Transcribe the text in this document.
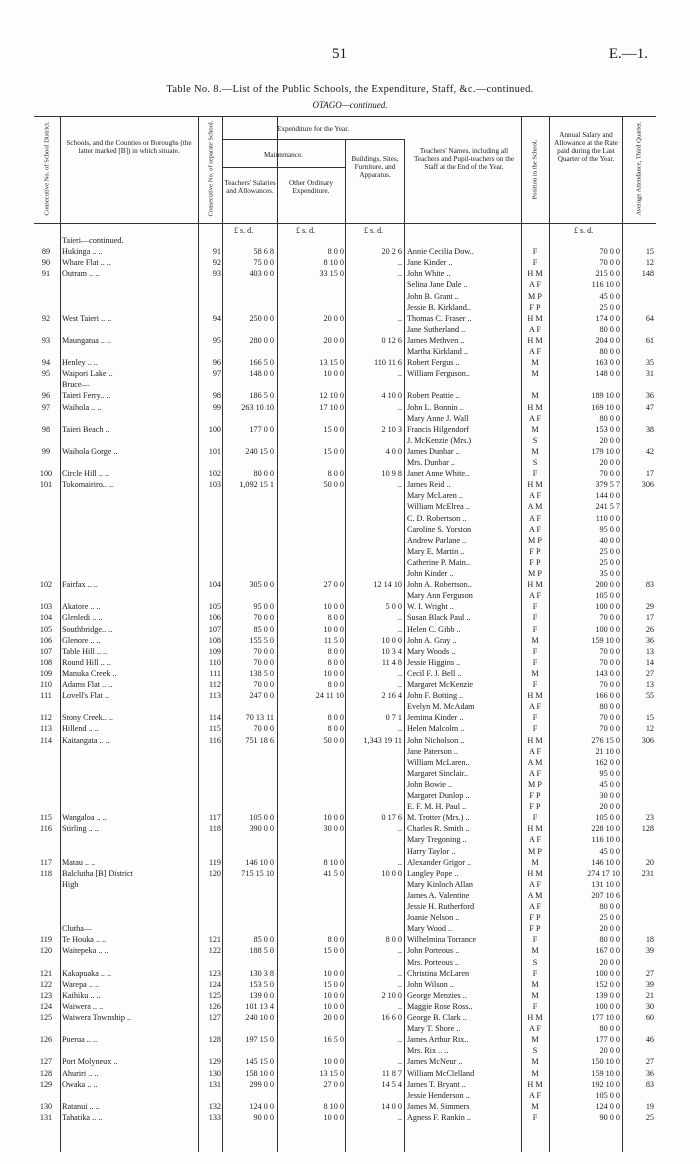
51	E.—1.
Table No. 8.—List of the Public Schools, the Expenditure, Staff, &c.—continued.
OTAGO—continued.
Consecutive No. of School District.	Schools, and the Counties or Boroughs (the latter marked [B]) in which situate.	Consecutive No. of separate School.	Expenditure for the Year.
Maintenance.
Teachers' Salaries and Allowances.
Other Ordinary Expenditure.
Buildings, Sites, Furniture, and Apparatus.
Teachers' Names, including all Teachers and Pupil-teachers on the Staff at the End of the Year.	Position in the School.
Annual Salary and Allowance at the Rate paid during the Last Quarter of the Year.	Average Attendance, Third Quarter.
£ s. d.	£ s. d.	£ s. d.	£ s. d.
Taieri—continued.
89	Hukinga .. ..	91	58 6 8	8 0 0	20 2 6 Annie Cecilia Dow..	F	70 0 0	15
90	Whare Flat .. ..	92	75 0 0	8 10 0	.. Jane Kinder ..	F	70 0 0	12
91	Outram .. ..	93	403 0 0	33 15 0	.. John White ..	H M	215 0 0	148
Selina Jane Dale ..	A F	116 10 0
John B. Grant ..	M P	45 0 0
Jessie B. Kirkland..	F P	25 0 0
92	West Taieri .. ..	94	250 0 0	20 0 0	.. Thomas C. Fraser ..	H M	174 0 0	64
Jane Sutherland ..	A F	80 0 0
93	Maungatua .. ..	95	280 0 0	20 0 0	0 12 6 James Methven ..	H M	204 0 0	61
Martha Kirkland ..	A F	80 0 0
94	Henley .. ..	96	166 5 0	13 15 0	110 11 6 Robert Fergus ..	M	163 0 0	35
95	Waipori Lake ..	97	148 0 0	10 0 0	.. William Ferguson..	M	148 0 0	31
Bruce—
96	Taieri Ferry.. ..	98	186 5 0	12 10 0	4 10 0 Robert Peattie ..	M	189 10 0	36
97	Waihola .. ..	99	263 10 10	17 10 0	.. John L. Bonnin ..	H M	169 10 0	47
Mary Anne J. Wall	A F	80 0 0
98	Taieri Beach ..	100	177 0 0	15 0 0	2 10 3 Francis Hilgendorf	M	153 0 0	38
J. McKenzie (Mrs.)	S	20 0 0
99	Waihola Gorge ..	101	240 15 0	15 0 0	4 0 0 James Dunbar ..	M	179 10 0	42
Mrs. Dunbar ..	S	20 0 0
100	Circle Hill .. ..	102	80 0 0	8 0 0	10 9 8 Janet Anne White..	F	70 0 0	17
101	Tokomairiro.. ..	103	1,092 15 1	50 0 0	.. James Reid ..	H M	379 5 7	306
Mary McLaren ..	A F	144 0 0
William McElrea ..	A M	241 5 7
C. D. Robertson ..	A F	110 0 0
Caroline S. Yorston	A F	95 0 0
Andrew Parlane ..	M P	40 0 0
Mary E. Martin ..	F P	25 0 0
Catherine P. Main..	F P	25 0 0
John Kinder ..	M P	35 0 0
102	Fairfax .. ..	104	305 0 0	27 0 0	12 14 10 John A. Robertson..	H M	200 0 0	83
Mary Ann Ferguson	A F	105 0 0
103	Akatore .. ..	105	95 0 0	10 0 0	5 0 0 W. I. Wright ..	F	100 0 0	29
104	Glenledi .. ..	106	70 0 0	8 0 0	.. Susan Black Paul ..	F	70 0 0	17
105	Southbridge.. ..	107	85 0 0	10 0 0	.. Helen C. Gibb ..	F	100 0 0	26
106	Glenore .. ..	108	155 5 0	11 5 0	10 0 0 John A. Gray ..	M	159 10 0	36
107	Table Hill .. ..	109	70 0 0	8 0 0	10 3 4 Mary Woods ..	F	70 0 0	13
108	Round Hill .. ..	110	70 0 0	8 0 0	11 4 8 Jessie Higgins ..	F	70 0 0	14
109	Manuka Creek ..	111	138 5 0	10 0 0	.. Cecil F. J. Bell ..	M	143 0 0	27
110	Adams Flat .. ..	112	70 0 0	8 0 0	.. Margaret McKenzie	F	70 0 0	13
111	Lovell's Flat ..	113	247 0 0	24 11 10	2 16 4 John F. Botting ..	H M	166 0 0	55
Evelyn M. McAdam	A F	80 0 0
112	Stony Creek.. ..	114	70 13 11	8 0 0	0 7 1 Jemima Kinder ..	F	70 0 0	15
113	Hillend .. ..	115	70 0 0	8 0 0	.. Helen Malcolm ..	F	70 0 0	12
114	Kaitangata .. ..	116	751 18 6	50 0 0	1,343 19 11 John Nicholson ..	H M	276 15 0	306
Jane Paterson ..	A F	21 10 0
William McLaren..	A M	162 0 0
Margaret Sinclair..	A F	95 0 0
John Bowie ..	M P	45 0 0
Margaret Dunlop ..	F P	30 0 0
E. F. M. H. Paul ..	F P	20 0 0
115	Wangaloa .. ..	117	105 0 0	10 0 0	0 17 6 M. Trotter (Mrs.) ..	F	105 0 0	23
116	Stirling .. ..	118	390 0 0	30 0 0	.. Charles R. Smith ..	H M	228 10 0	128
Mary Tregoning ..	A F	116 10 0
Harry Taylor ..	M P	45 0 0
117	Matau .. ..	119	146 10 0	8 10 0	.. Alexander Grigor ..	M	146 10 0	20
118	Balclutha [B] District	120	715 15 10	41 5 0	10 0 0 Langley Pope ..	H M	274 17 10	231
High	Mary Kinloch Allan	A F	131 10 0
James A. Valentine	A M	207 10 6
Jessie H. Rutherford	A F	80 0 0
Joanie Nelson ..	F P	25 0 0
Clutha—	Mary Wood ..	F P	20 0 0
119	Te Houka .. ..	121	85 0 0	8 0 0	8 0 0 Wilhelmina Torrance	F	80 0 0	18
120	Waitepeka .. ..	122	188 5 0	15 0 0	.. John Porteous ..	M	167 0 0	39
Mrs. Porteous ..	S	20 0 0
121	Kakapuaka .. ..	123	130 3 8	10 0 0	.. Christina McLaren	F	100 0 0	27
122	Warepa .. ..	124	153 5 0	15 0 0	.. John Wilson ..	M	152 0 0	39
123	Kaihiku .. ..	125	139 0 0	10 0 0	2 10 0 George Menzies ..	M	139 0 0	21
124	Waiwera .. ..	126	101 13 4	10 0 0	.. Maggie Rose Ross..	F	100 0 0	30
125	Waiwera Township ..	127	240 10 0	20 0 0	16 6 0 George B. Clark ..	H M	177 10 0	60
Mary T. Shore ..	A F	80 0 0
126	Puerua .. ..	128	197 15 0	16 5 0	.. James Arthur Rix..	M	177 0 0	46
Mrs. Rix .. ..	S	20 0 0
127	Port Molyneux ..	129	145 15 0	10 0 0	.. James McNeur ..	M	150 10 0	27
128	Ahuriri .. ..	130	158 10 0	13 15 0	11 8 7 William McClelland	M	159 10 0	36
129	Owaka .. ..	131	299 0 0	27 0 0	14 5 4 James T. Bryant ..	H M	192 10 0	83
Jessie Henderson ..	A F	105 0 0
130	Ratanui .. ..	132	124 0 0	8 10 0	14 0 0 James M. Simmers	M	124 0 0	19
131	Tahatika .. ..	133	90 0 0	10 0 0	.. Agness F. Rankin ..	F	90 0 0	25
